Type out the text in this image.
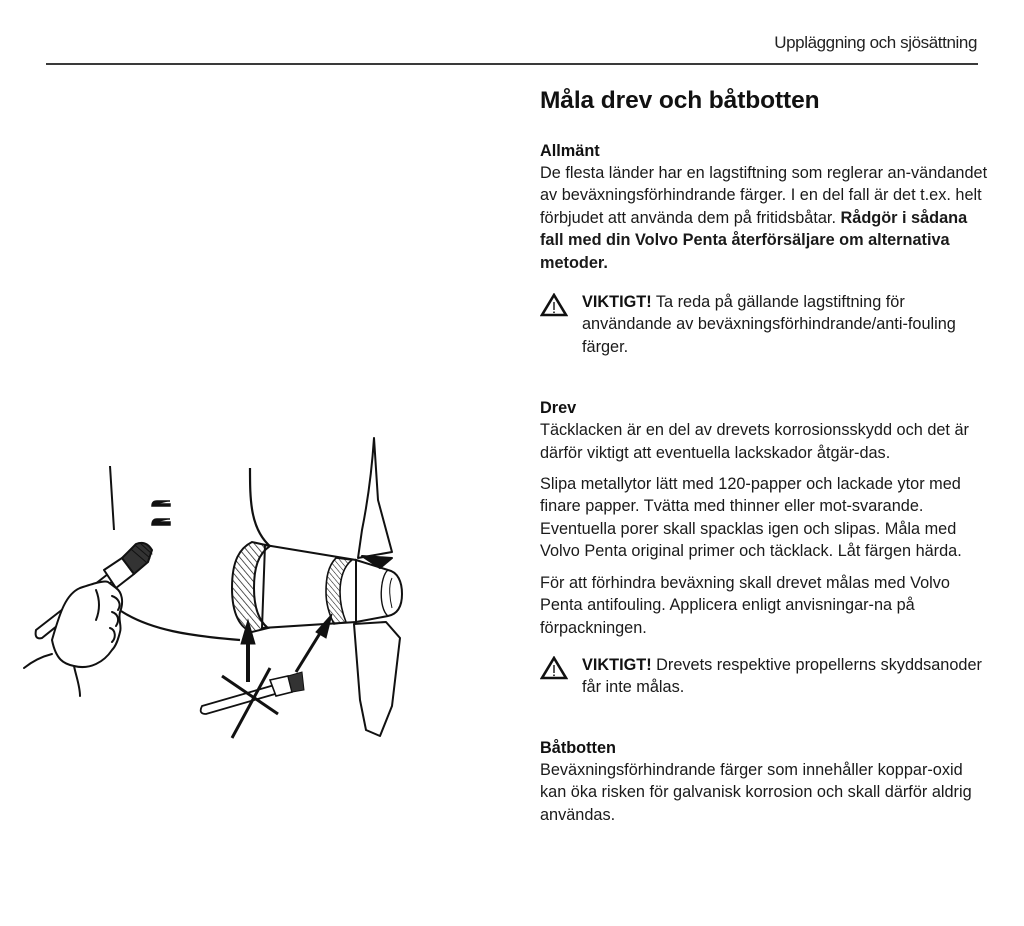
Uppläggning och sjösättning
Måla drev och båtbotten
Allmänt

De flesta länder har en lagstiftning som reglerar an-vändandet av beväxningsförhindrande färger. I en del fall är det t.ex. helt förbjudet att använda dem på fritidsbåtar. Rådgör i sådana fall med din Volvo Penta återförsäljare om alternativa metoder.

VIKTIGT! Ta reda på gällande lagstiftning för användande av beväxningsförhindrande/anti-fouling färger.
Drev

Täcklacken är en del av drevets korrosionsskydd och det är därför viktigt att eventuella lackskador åtgär-das.

Slipa metallytor lätt med 120-papper och lackade ytor med finare papper. Tvätta med thinner eller mot-svarande. Eventuella porer skall spacklas igen och slipas. Måla med Volvo Penta original primer och täcklack. Låt färgen härda.

För att förhindra beväxning skall drevet målas med Volvo Penta antifouling. Applicera enligt anvisningar-na på förpackningen.

VIKTIGT! Drevets respektive propellerns skyddsanoder får inte målas.
Båtbotten

Beväxningsförhindrande färger som innehåller koppar-oxid kan öka risken för galvanisk korrosion och skall därför aldrig användas.
